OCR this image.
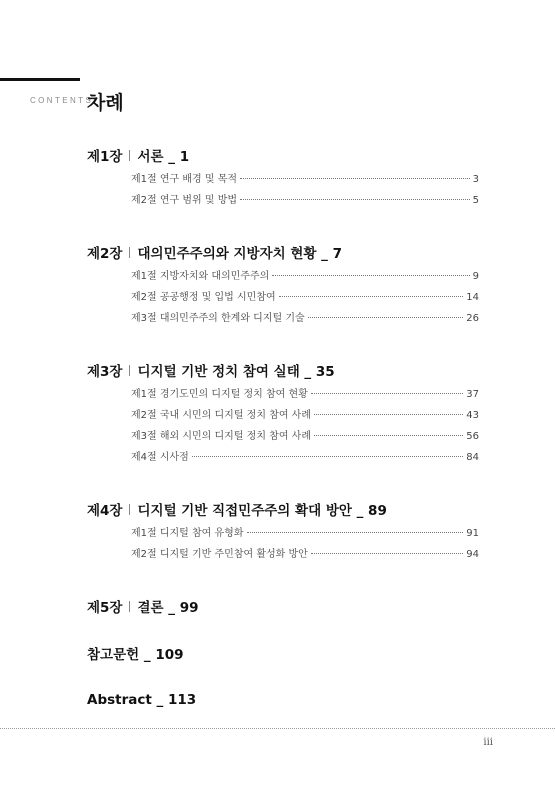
CONTENTS
차례
제1장 서론 _ 1
제1절 연구 배경 및 목적	3
제2절 연구 범위 및 방법	5
제2장 대의민주주의와 지방자치 현황 _ 7
제1절 지방자치와 대의민주주의	9
제2절 공공행정 및 입법 시민참여	14
제3절 대의민주주의 한계와 디지털 기술	26
제3장 디지털 기반 정치 참여 실태 _ 35
제1절 경기도민의 디지털 정치 참여 현황	37
제2절 국내 시민의 디지털 정치 참여 사례	43
제3절 해외 시민의 디지털 정치 참여 사례	56
제4절 시사점	84
제4장 디지털 기반 직접민주주의 확대 방안 _ 89
제1절 디지털 참여 유형화	91
제2절 디지털 기반 주민참여 활성화 방안	94
제5장 결론 _ 99
참고문헌 _ 109
Abstract _ 113
iii
